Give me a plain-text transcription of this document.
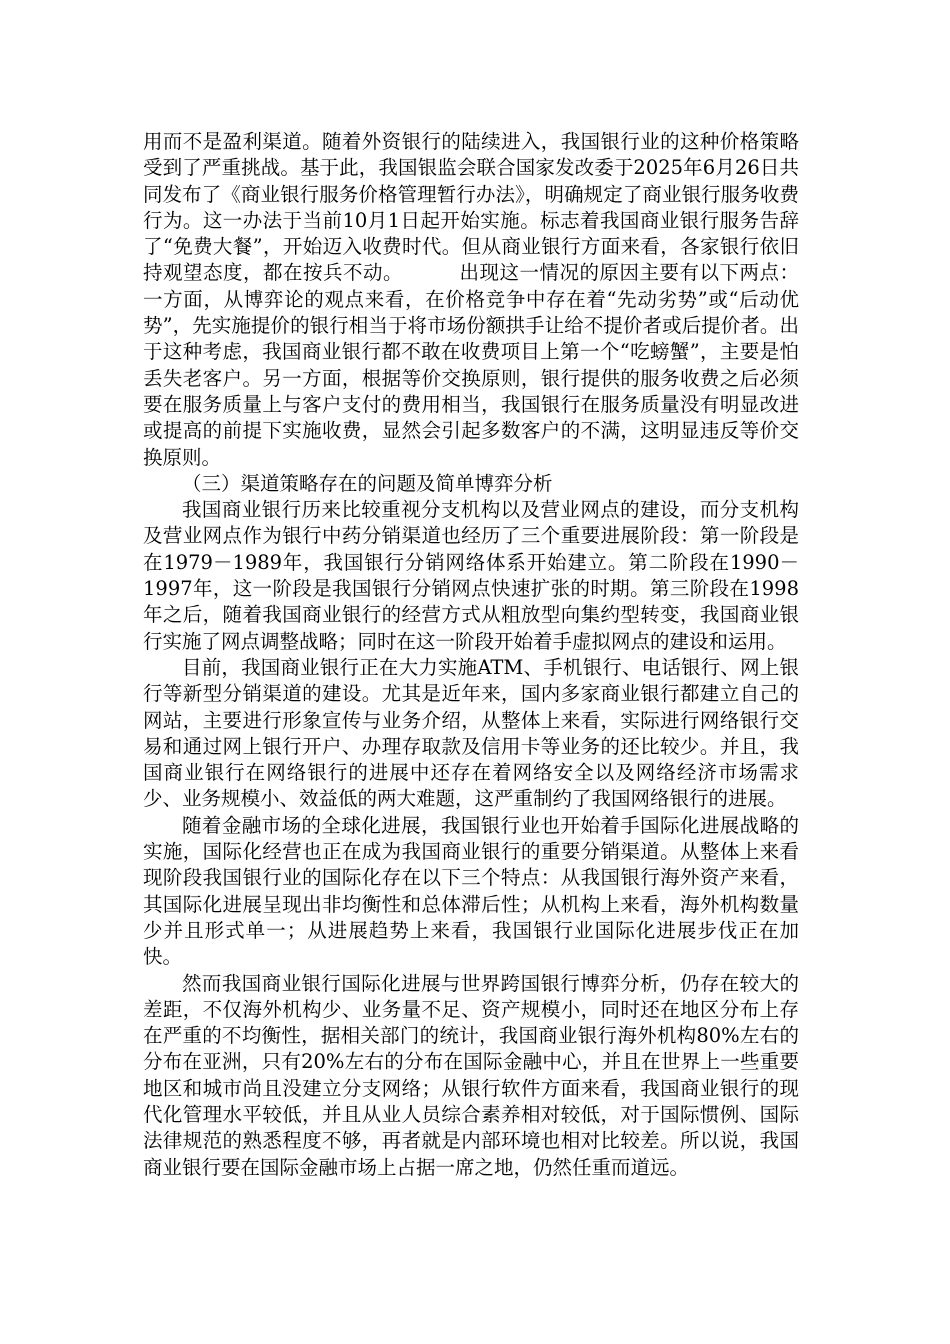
用而不是盈利渠道。随着外资银行的陆续进入，我国银行业的这种价格策略受到了严重挑战。基于此，我国银监会联合国家发改委于2025年6月26日共同发布了《商业银行服务价格管理暂行办法》，明确规定了商业银行服务收费行为。这一办法于当前10月1日起开始实施。标志着我国商业银行服务告辞了“免费大餐”，开始迈入收费时代。但从商业银行方面来看，各家银行依旧持观望态度，都在按兵不动。	出现这一情况的原因主要有以下两点：一方面，从博弈论的观点来看，在价格竞争中存在着“先动劣势”或“后动优势”，先实施提价的银行相当于将市场份额拱手让给不提价者或后提价者。出于这种考虑，我国商业银行都不敢在收费项目上第一个“吃螃蟹”，主要是怕丢失老客户。另一方面，根据等价交换原则，银行提供的服务收费之后必须要在服务质量上与客户支付的费用相当，我国银行在服务质量没有明显改进或提高的前提下实施收费，显然会引起多数客户的不满，这明显违反等价交换原则。

（三）渠道策略存在的问题及简单博弈分析

我国商业银行历来比较重视分支机构以及营业网点的建设，而分支机构及营业网点作为银行中药分销渠道也经历了三个重要进展阶段：第一阶段是在1979－1989年，我国银行分销网络体系开始建立。第二阶段在1990－1997年，这一阶段是我国银行分销网点快速扩张的时期。第三阶段在1998年之后，随着我国商业银行的经营方式从粗放型向集约型转变，我国商业银行实施了网点调整战略；同时在这一阶段开始着手虚拟网点的建设和运用。

目前，我国商业银行正在大力实施ATM、手机银行、电话银行、网上银行等新型分销渠道的建设。尤其是近年来，国内多家商业银行都建立自己的网站，主要进行形象宣传与业务介绍，从整体上来看，实际进行网络银行交易和通过网上银行开户、办理存取款及信用卡等业务的还比较少。并且，我国商业银行在网络银行的进展中还存在着网络安全以及网络经济市场需求少、业务规模小、效益低的两大难题，这严重制约了我国网络银行的进展。

随着金融市场的全球化进展，我国银行业也开始着手国际化进展战略的实施，国际化经营也正在成为我国商业银行的重要分销渠道。从整体上来看现阶段我国银行业的国际化存在以下三个特点：从我国银行海外资产来看，其国际化进展呈现出非均衡性和总体滞后性；从机构上来看，海外机构数量少并且形式单一；从进展趋势上来看，我国银行业国际化进展步伐正在加快。

然而我国商业银行国际化进展与世界跨国银行博弈分析，仍存在较大的差距，不仅海外机构少、业务量不足、资产规模小，同时还在地区分布上存在严重的不均衡性，据相关部门的统计，我国商业银行海外机构80%左右的分布在亚洲，只有20%左右的分布在国际金融中心，并且在世界上一些重要地区和城市尚且没建立分支网络；从银行软件方面来看，我国商业银行的现代化管理水平较低，并且从业人员综合素养相对较低，对于国际惯例、国际法律规范的熟悉程度不够，再者就是内部环境也相对比较差。所以说，我国商业银行要在国际金融市场上占据一席之地，仍然任重而道远。
